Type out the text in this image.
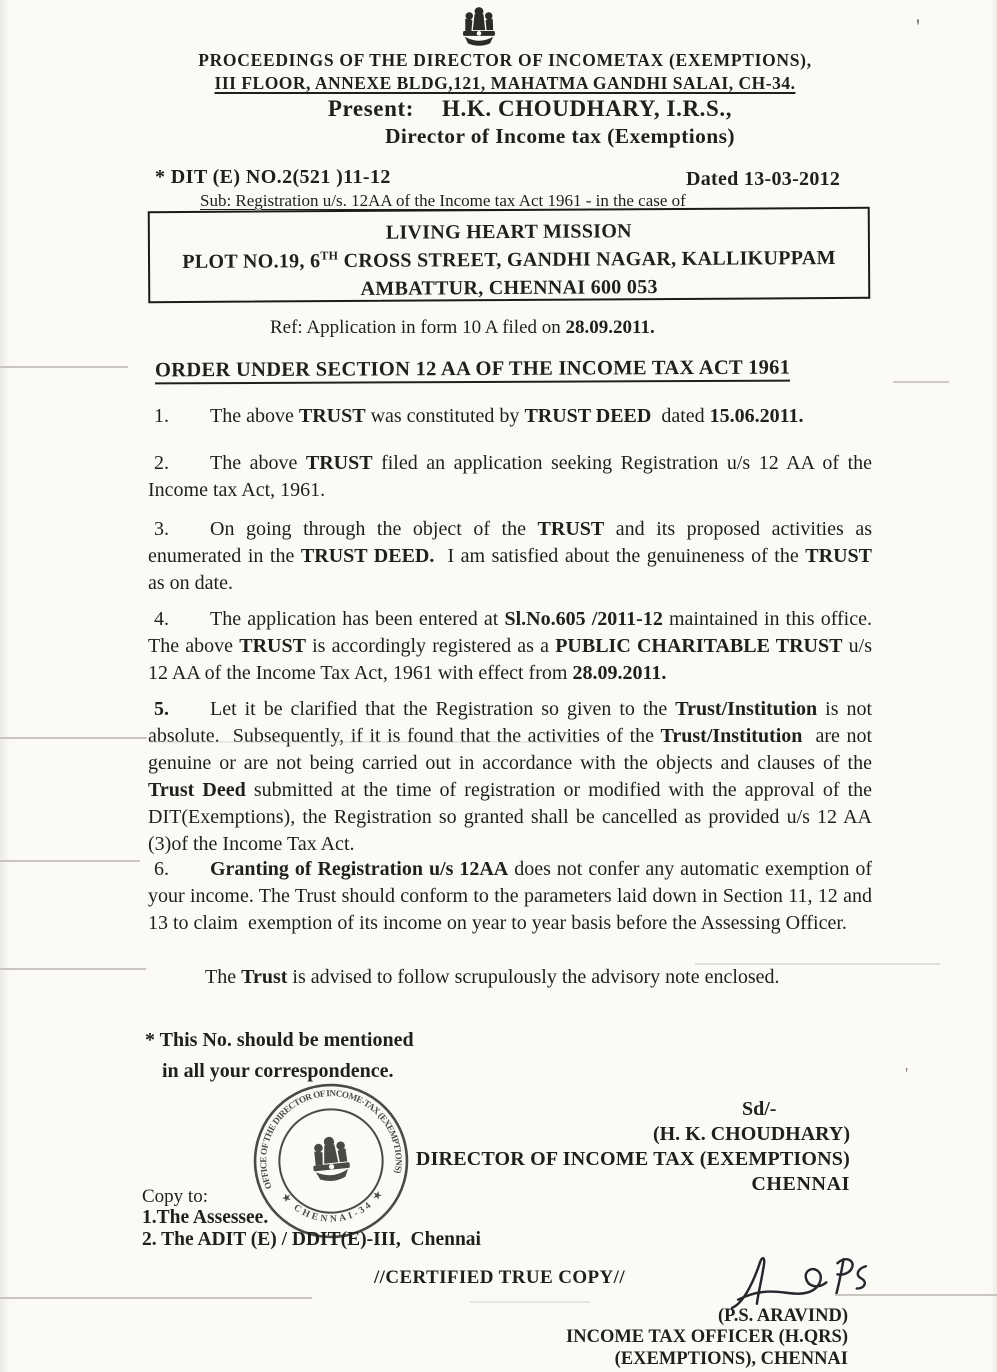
PROCEEDINGS OF THE DIRECTOR OF INCOMETAX (EXEMPTIONS),
III FLOOR, ANNEXE BLDG,121, MAHATMA GANDHI SALAI, CH-34.
Present: H.K. CHOUDHARY, I.R.S.,
Director of Income tax (Exemptions)
* DIT (E) NO.2(521 )11-12	Dated 13-03-2012
Sub: Registration u/s. 12AA of the Income tax Act 1961 - in the case of
LIVING HEART MISSION
PLOT NO.19, 6TH CROSS STREET, GANDHI NAGAR, KALLIKUPPAM
AMBATTUR, CHENNAI 600 053
Ref: Application in form 10 A filed on 28.09.2011.
ORDER UNDER SECTION 12 AA OF THE INCOME TAX ACT 1961
1. The above TRUST was constituted by TRUST DEED  dated 15.06.2011.
2. The above TRUST filed an application seeking Registration u/s 12 AA of the Income tax Act, 1961.
3. On going through the object of the TRUST and its proposed activities as enumerated in the TRUST DEED.  I am satisfied about the genuineness of the TRUST as on date.
4. The application has been entered at Sl.No.605 /2011-12 maintained in this office. The above TRUST is accordingly registered as a PUBLIC CHARITABLE TRUST u/s 12 AA of the Income Tax Act, 1961 with effect from 28.09.2011.
5. Let it be clarified that the Registration so given to the Trust/Institution is not absolute.  Subsequently, if it is found that the activities of the Trust/Institution  are not genuine or are not being carried out in accordance with the objects and clauses of the Trust Deed submitted at the time of registration or modified with the approval of the DIT(Exemptions), the Registration so granted shall be cancelled as provided u/s 12 AA (3)of the Income Tax Act.
6. Granting of Registration u/s 12AA does not confer any automatic exemption of your income. The Trust should conform to the parameters laid down in Section 11, 12 and 13 to claim  exemption of its income on year to year basis before the Assessing Officer.
The Trust is advised to follow scrupulously the advisory note enclosed.
* This No. should be mentioned
in all your correspondence.
OFFICE OF THE DIRECTOR OF INCOME-TAX (EXEMPTIONS)
★ CHENNAI-34 ★
Sd/-
(H. K. CHOUDHARY)
DIRECTOR OF INCOME TAX (EXEMPTIONS)
CHENNAI
Copy to:
1.The Assessee.
2. The ADIT (E) / DDIT(E)-III,  Chennai
//CERTIFIED TRUE COPY//
(P.S. ARAVIND)
INCOME TAX OFFICER (H.QRS)
(EXEMPTIONS), CHENNAI
'
'
